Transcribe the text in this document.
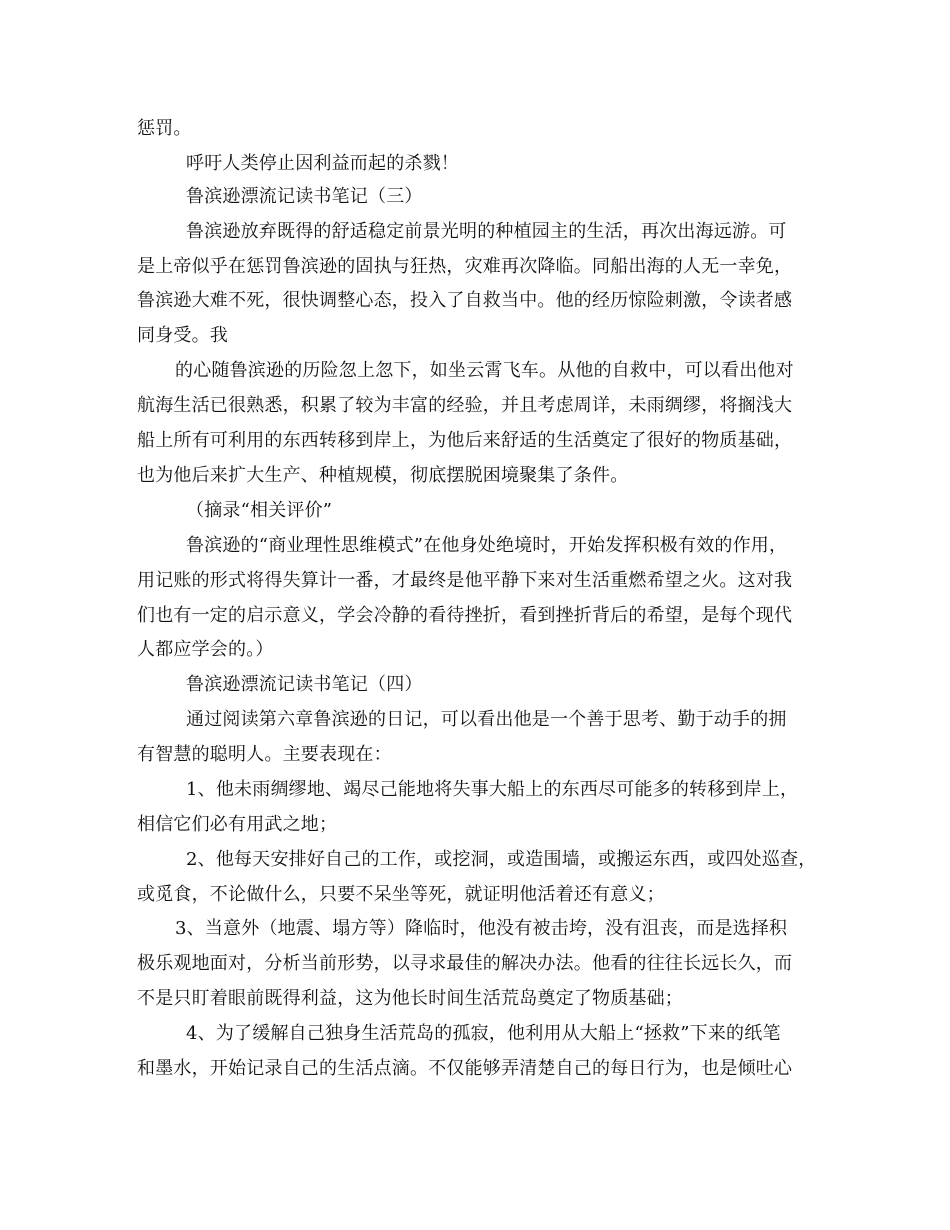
惩罚。
呼吁人类停止因利益而起的杀戮！
鲁滨逊漂流记读书笔记（三）
鲁滨逊放弃既得的舒适稳定前景光明的种植园主的生活，再次出海远游。可
是上帝似乎在惩罚鲁滨逊的固执与狂热，灾难再次降临。同船出海的人无一幸免，
鲁滨逊大难不死，很快调整心态，投入了自救当中。他的经历惊险刺激，令读者感
同身受。我
的心随鲁滨逊的历险忽上忽下，如坐云霄飞车。从他的自救中，可以看出他对
航海生活已很熟悉，积累了较为丰富的经验，并且考虑周详，未雨绸缪，将搁浅大
船上所有可利用的东西转移到岸上，为他后来舒适的生活奠定了很好的物质基础，
也为他后来扩大生产、种植规模，彻底摆脱困境聚集了条件。
（摘录“相关评价”
鲁滨逊的“商业理性思维模式”在他身处绝境时，开始发挥积极有效的作用，
用记账的形式将得失算计一番，才最终是他平静下来对生活重燃希望之火。这对我
们也有一定的启示意义，学会冷静的看待挫折，看到挫折背后的希望，是每个现代
人都应学会的。）
鲁滨逊漂流记读书笔记（四）
通过阅读第六章鲁滨逊的日记，可以看出他是一个善于思考、勤于动手的拥
有智慧的聪明人。主要表现在：
1、他未雨绸缪地、竭尽己能地将失事大船上的东西尽可能多的转移到岸上，
相信它们必有用武之地；
2、他每天安排好自己的工作，或挖洞，或造围墙，或搬运东西，或四处巡查，
或觅食，不论做什么，只要不呆坐等死，就证明他活着还有意义；
3、当意外（地震、塌方等）降临时，他没有被击垮，没有沮丧，而是选择积
极乐观地面对，分析当前形势，以寻求最佳的解决办法。他看的往往长远长久，而
不是只盯着眼前既得利益，这为他长时间生活荒岛奠定了物质基础；
4、为了缓解自己独身生活荒岛的孤寂，他利用从大船上“拯救”下来的纸笔
和墨水，开始记录自己的生活点滴。不仅能够弄清楚自己的每日行为，也是倾吐心
